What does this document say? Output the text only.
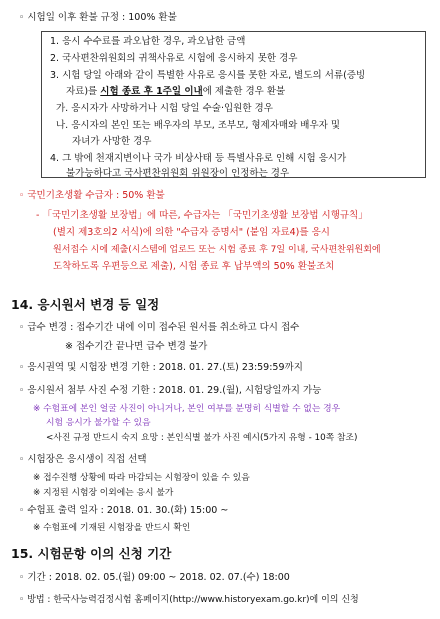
◦ 시험일 이후 환불 규정 : 100% 환불
1. 응시 수수료를 과오납한 경우, 과오납한 금액
2. 국사편찬위원회의 귀책사유로 시험에 응시하지 못한 경우
3. 시험 당일 아래와 같이 특별한 사유로 응시를 못한 자로, 별도의 서류(증빙
자료)를 시험 종료 후 1주일 이내에 제출한 경우 환불
가. 응시자가 사망하거나 시험 당일 수술·입원한 경우
나. 응시자의 본인 또는 배우자의 부모, 조부모, 형제자매와 배우자 및
자녀가 사망한 경우
4. 그 밖에 천재지변이나 국가 비상사태 등 특별사유로 인해 시험 응시가
불가능하다고 국사편찬위원회 위원장이 인정하는 경우
◦ 국민기초생활 수급자 : 50% 환불
- 「국민기초생활 보장법」에 따른, 수급자는 「국민기초생활 보장법 시행규칙」
(별지 제3호의2 서식)에 의한 "수급자 증명서" (붙임 자료4)를 응시
원서접수 시에 제출(시스템에 업로드 또는 시험 종료 후 7일 이내, 국사편찬위원회에
도착하도록 우편등으로 제출), 시험 종료 후 납부액의 50% 환불조치
14. 응시원서 변경 등 일정
◦ 급수 변경 : 접수기간 내에 이미 접수된 원서를 취소하고 다시 접수
※ 접수기간 끝나면 급수 변경 불가
◦ 응시권역 및 시험장 변경 기한 : 2018. 01. 27.(토) 23:59:59까지
◦ 응시원서 첨부 사진 수정 기한 : 2018. 01. 29.(월), 시험당일까지 가능
※ 수험표에 본인 얼굴 사진이 아니거나, 본인 여부를 분명히 식별할 수 없는 경우
시험 응시가 불가할 수 있음
<사진 규정 반드시 숙지 요망 : 본인식별 불가 사진 예시(5가지 유형 - 10쪽 참조)
◦ 시험장은 응시생이 직접 선택
※ 접수진행 상황에 따라 마감되는 시험장이 있을 수 있음
※ 지정된 시험장 이외에는 응시 불가
◦ 수험표 출력 일자 : 2018. 01. 30.(화) 15:00 ~
※ 수험표에 기재된 시험장을 반드시 확인
15. 시험문항 이의 신청 기간
◦ 기간 : 2018. 02. 05.(월) 09:00 ~ 2018. 02. 07.(수) 18:00
◦ 방법 : 한국사능력검정시험 홈페이지(http://www.historyexam.go.kr)에 이의 신청
